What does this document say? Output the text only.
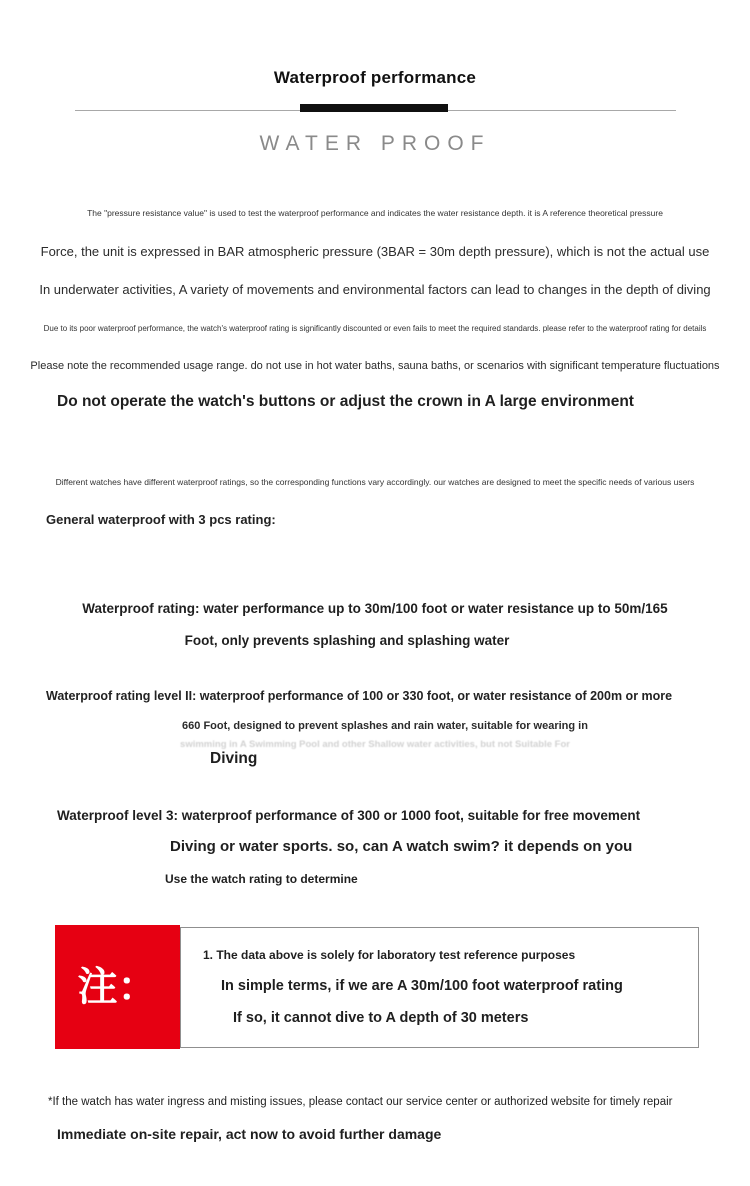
Waterproof performance
WATER PROOF
The "pressure resistance value" is used to test the waterproof performance and indicates the water resistance depth. it is A reference theoretical pressure
Force, the unit is expressed in BAR atmospheric pressure (3BAR = 30m depth pressure), which is not the actual use
In underwater activities, A variety of movements and environmental factors can lead to changes in the depth of diving
Due to its poor waterproof performance, the watch's waterproof rating is significantly discounted or even fails to meet the required standards. please refer to the waterproof rating for details
Please note the recommended usage range. do not use in hot water baths, sauna baths, or scenarios with significant temperature fluctuations
Do not operate the watch's buttons or adjust the crown in A large environment
Different watches have different waterproof ratings, so the corresponding functions vary accordingly. our watches are designed to meet the specific needs of various users
General waterproof with 3 pcs rating:
Waterproof rating: water performance up to 30m/100 foot or water resistance up to 50m/165
Foot, only prevents splashing and splashing water
Waterproof rating level II: waterproof performance of 100 or 330 foot, or water resistance of 200m or more
660 Foot, designed to prevent splashes and rain water, suitable for wearing in
swimming in A Swimming Pool and other Shallow water activities, but not Suitable For
Diving
Waterproof level 3: waterproof performance of 300 or 1000 foot, suitable for free movement
Diving or water sports. so, can A watch swim? it depends on you
Use the watch rating to determine
注：
1. The data above is solely for laboratory test reference purposes
In simple terms, if we are A 30m/100 foot waterproof rating
If so, it cannot dive to A depth of 30 meters
*If the watch has water ingress and misting issues, please contact our service center or authorized website for timely repair
Immediate on-site repair, act now to avoid further damage
